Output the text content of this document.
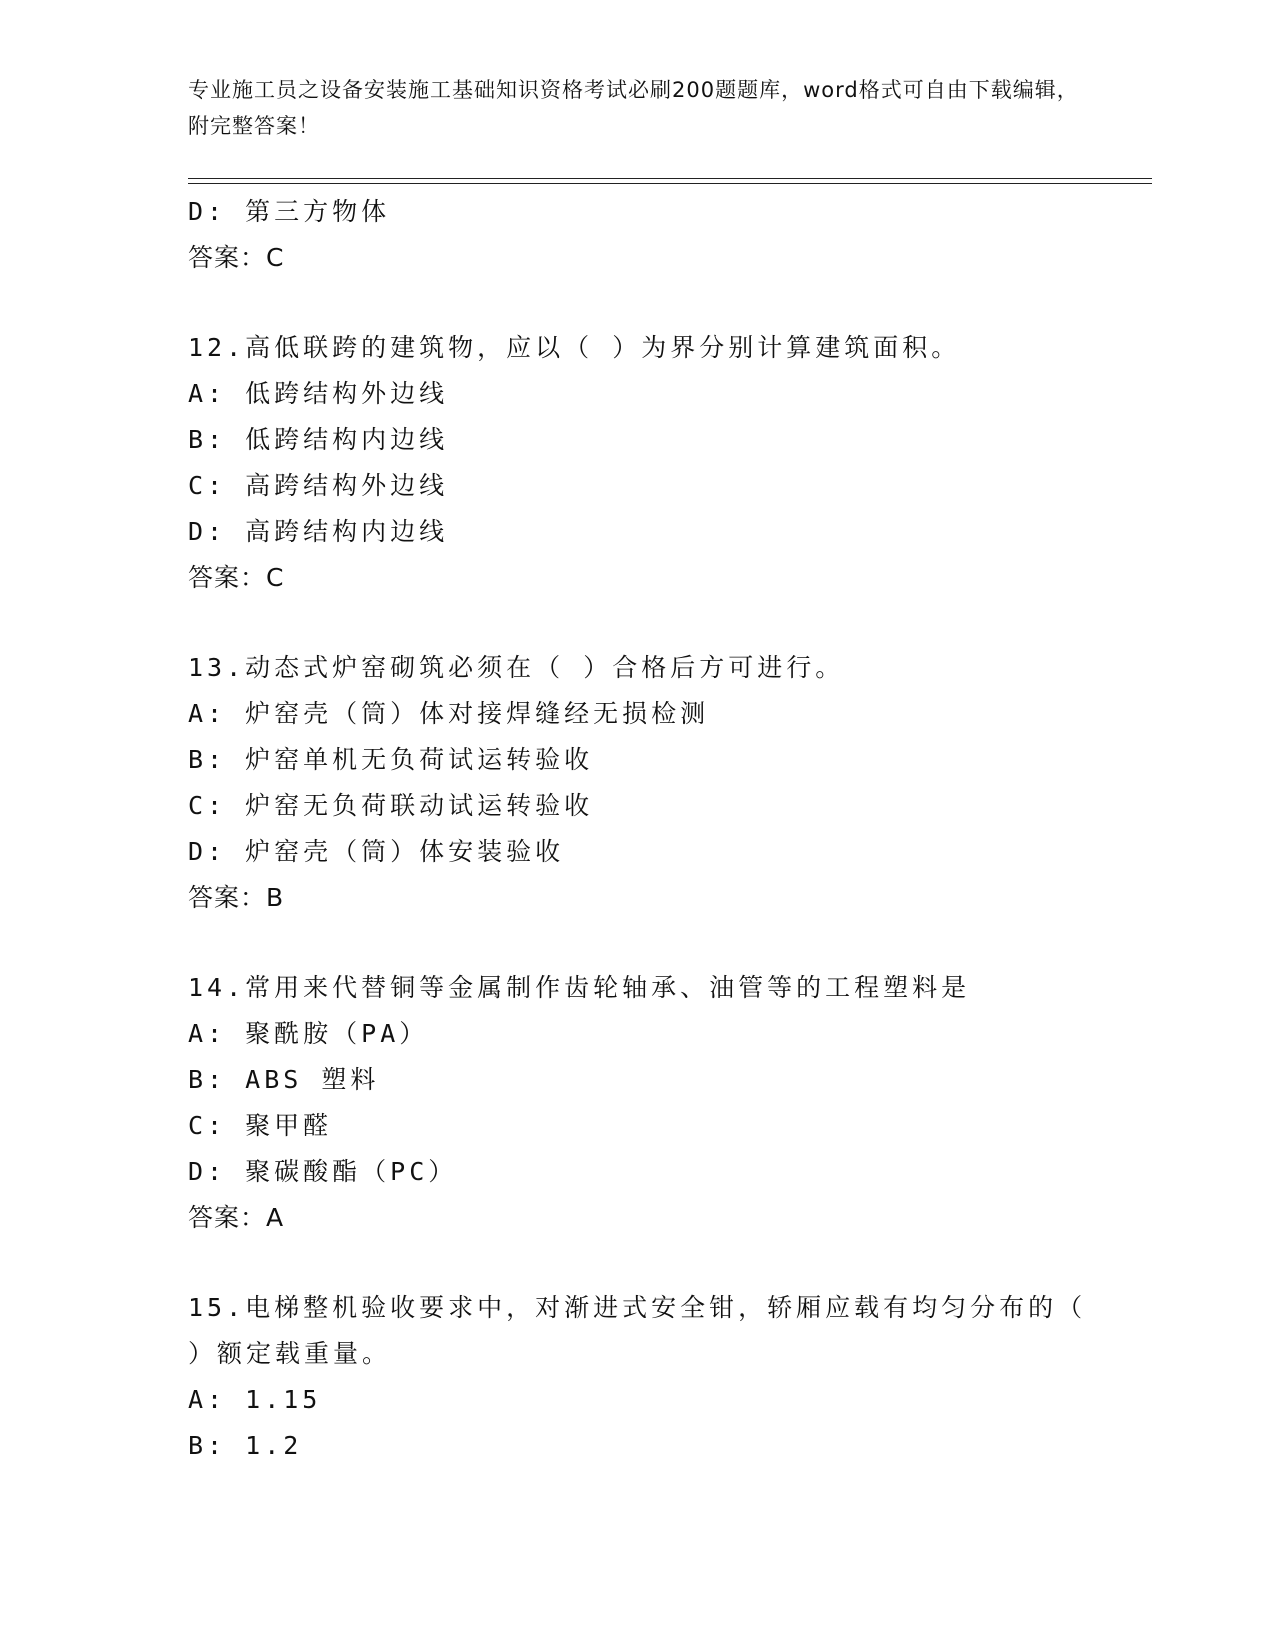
专业施工员之设备安装施工基础知识资格考试必刷200题题库，word格式可自由下载编辑，附完整答案！
D: 第三方物体
答案：C
12.高低联跨的建筑物，应以（ ）为界分别计算建筑面积。
A: 低跨结构外边线
B: 低跨结构内边线
C: 高跨结构外边线
D: 高跨结构内边线
答案：C
13.动态式炉窑砌筑必须在（ ）合格后方可进行。
A: 炉窑壳（筒）体对接焊缝经无损检测
B: 炉窑单机无负荷试运转验收
C: 炉窑无负荷联动试运转验收
D: 炉窑壳（筒）体安装验收
答案：B
14.常用来代替铜等金属制作齿轮轴承、油管等的工程塑料是
A: 聚酰胺（PA）
B: ABS 塑料
C: 聚甲醛
D: 聚碳酸酯（PC）
答案：A
15.电梯整机验收要求中，对渐进式安全钳，轿厢应载有均匀分布的（
）额定载重量。
A: 1.15
B: 1.2
